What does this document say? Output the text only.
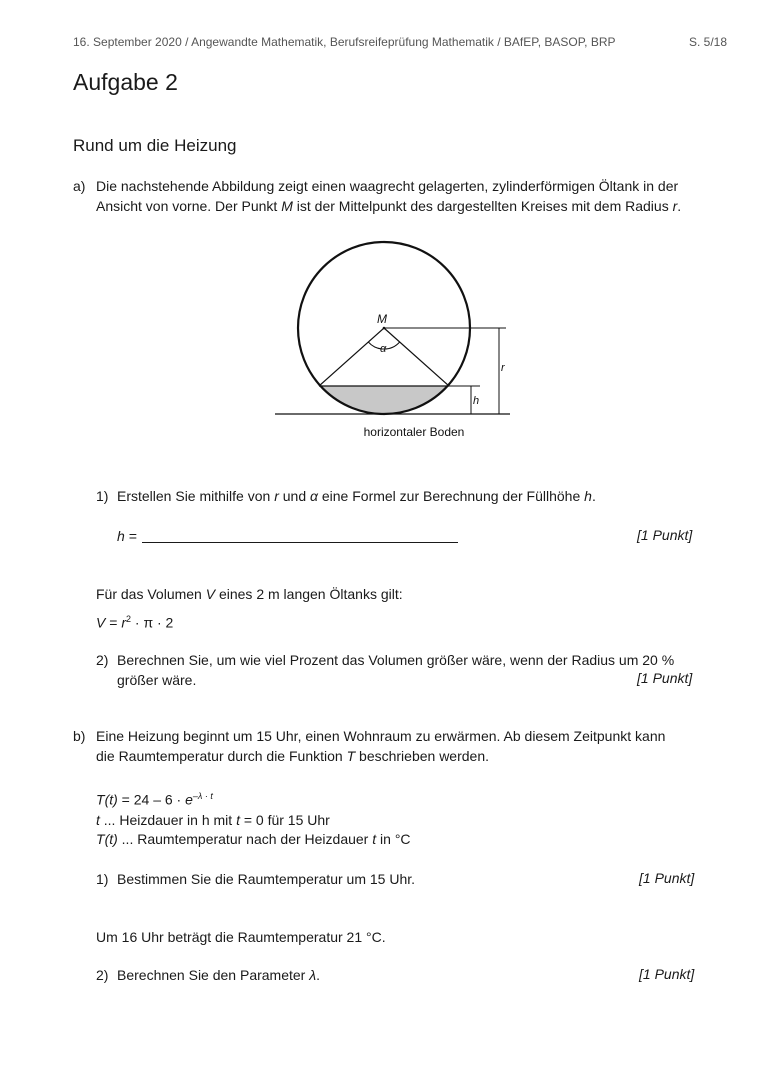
16. September 2020 / Angewandte Mathematik, Berufsreifeprüfung Mathematik / BAfEP, BASOP, BRP	S. 5/18
Aufgabe 2
Rund um die Heizung
a) Die nachstehende Abbildung zeigt einen waagrecht gelagerten, zylinderförmigen Öltank in der
Ansicht von vorne. Der Punkt M ist der Mittelpunkt des dargestellten Kreises mit dem Radius r.
M
α
r
h
horizontaler Boden
1) Erstellen Sie mithilfe von r und α eine Formel zur Berechnung der Füllhöhe h.
h =	[1 Punkt]
Für das Volumen V eines 2 m langen Öltanks gilt:
$V = r^2 \cdot \pi \cdot 2$
2) Berechnen Sie, um wie viel Prozent das Volumen größer wäre, wenn der Radius um 20 %
größer wäre.	[1 Punkt]
b) Eine Heizung beginnt um 15 Uhr, einen Wohnraum zu erwärmen. Ab diesem Zeitpunkt kann
die Raumtemperatur durch die Funktion T beschrieben werden.
$T(t) = 24 - 6 \cdot e^{-\lambda \cdot t}$
t ... Heizdauer in h mit t = 0 für 15 Uhr
T(t) ... Raumtemperatur nach der Heizdauer t in °C
1) Bestimmen Sie die Raumtemperatur um 15 Uhr.	[1 Punkt]
Um 16 Uhr beträgt die Raumtemperatur 21 °C.
2) Berechnen Sie den Parameter λ.	[1 Punkt]
